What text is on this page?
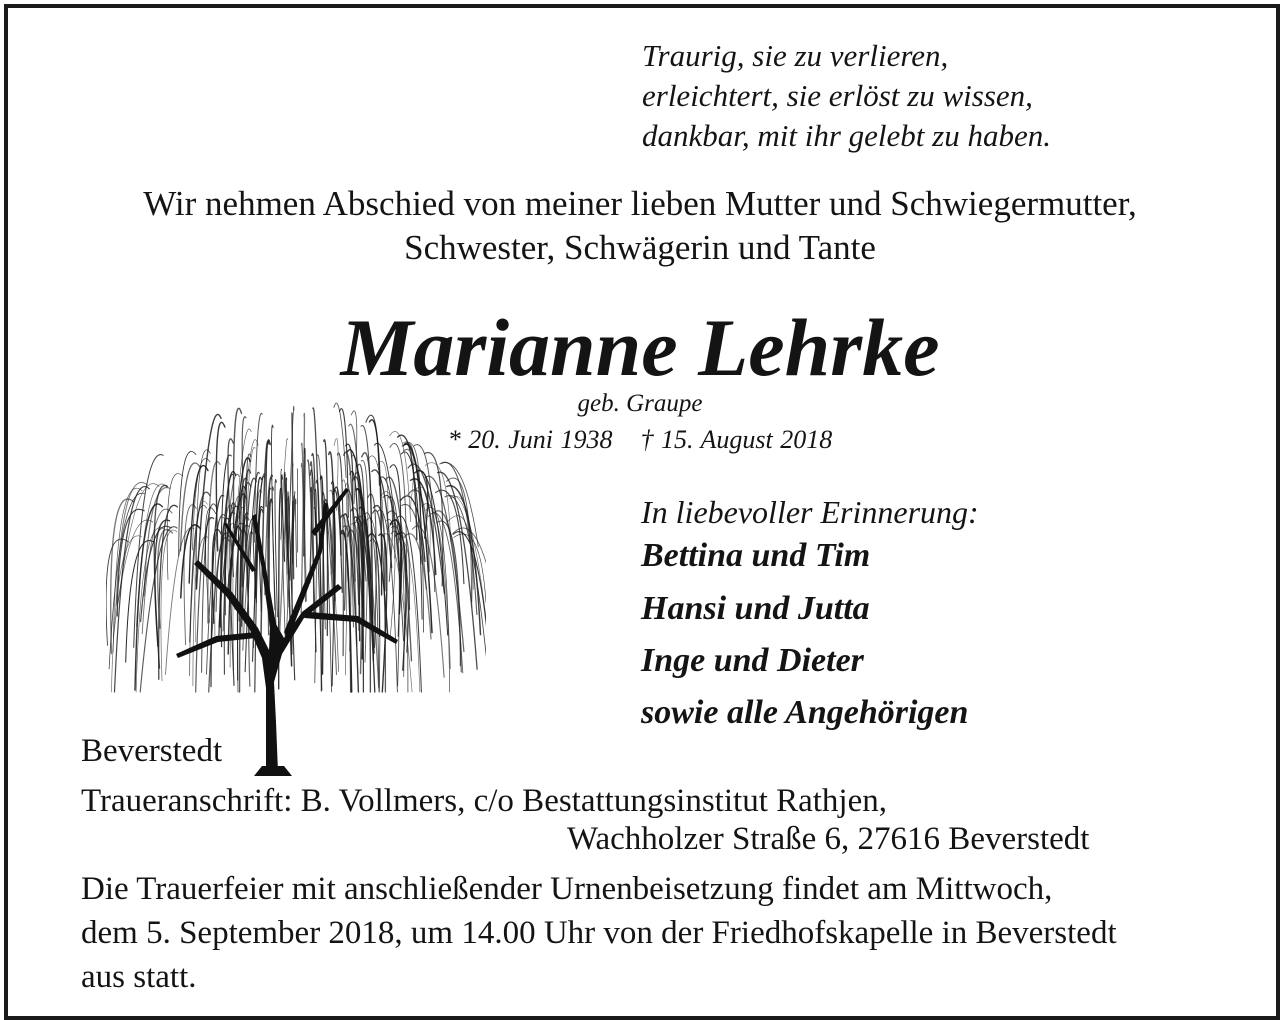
Traurig, sie zu verlieren,
erleichtert, sie erlöst zu wissen,
dankbar, mit ihr gelebt zu haben.
Wir nehmen Abschied von meiner lieben Mutter und Schwiegermutter,
Schwester, Schwägerin und Tante
Marianne Lehrke
geb. Graupe
* 20. Juni 1938 † 15. August 2018
In liebevoller Erinnerung:
Bettina und Tim
Hansi und Jutta
Inge und Dieter
sowie alle Angehörigen
Beverstedt
Traueranschrift: B. Vollmers, c/o Bestattungsinstitut Rathjen,
Wachholzer Straße 6, 27616 Beverstedt
Die Trauerfeier mit anschließender Urnenbeisetzung findet am Mittwoch,
dem 5. September 2018, um 14.00 Uhr von der Friedhofskapelle in Beverstedt
aus statt.
